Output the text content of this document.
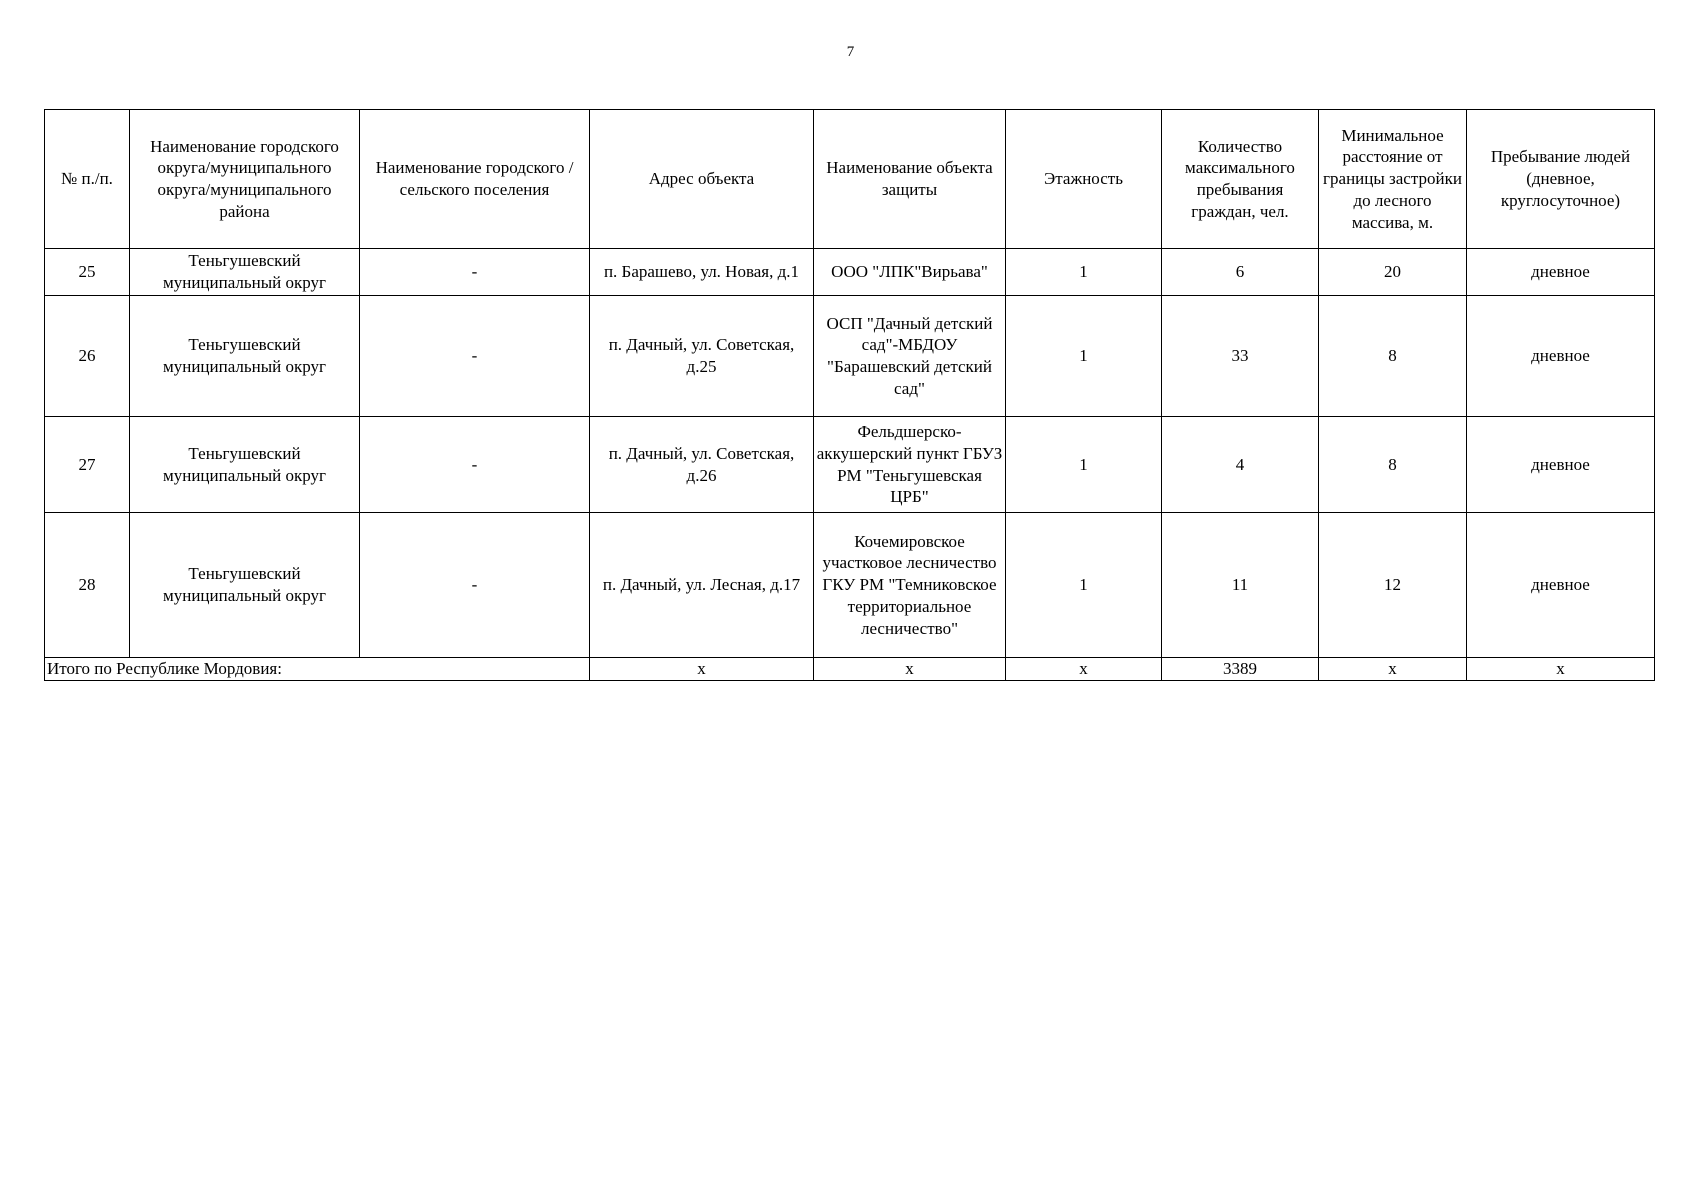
7
№ п./п.	Наименование городского округа/муниципального округа/муниципального района	Наименование городского / сельского поселения	Адрес объекта	Наименование объекта защиты	Этажность	Количество максимального пребывания граждан, чел.	Минимальное расстояние от границы застройки до лесного массива, м.	Пребывание людей (дневное, круглосуточное)
25	Теньгушевский муниципальный округ	-	п. Барашево, ул. Новая, д.1	ООО "ЛПК"Вирьава"	1	6	20	дневное
26	Теньгушевский муниципальный округ	-	п. Дачный, ул. Советская, д.25	ОСП "Дачный детский сад"-МБДОУ "Барашевский детский сад"	1	33	8	дневное
27	Теньгушевский муниципальный округ	-	п. Дачный, ул. Советская, д.26	Фельдшерско-аккушерский пункт ГБУЗ РМ "Теньгушевская ЦРБ"	1	4	8	дневное
28	Теньгушевский муниципальный округ	-	п. Дачный, ул. Лесная, д.17	Кочемировское участковое лесничество ГКУ РМ "Темниковское территориальное лесничество"	1	11	12	дневное
Итого по Республике Мордовия:			х	х	х	3389	х	х
